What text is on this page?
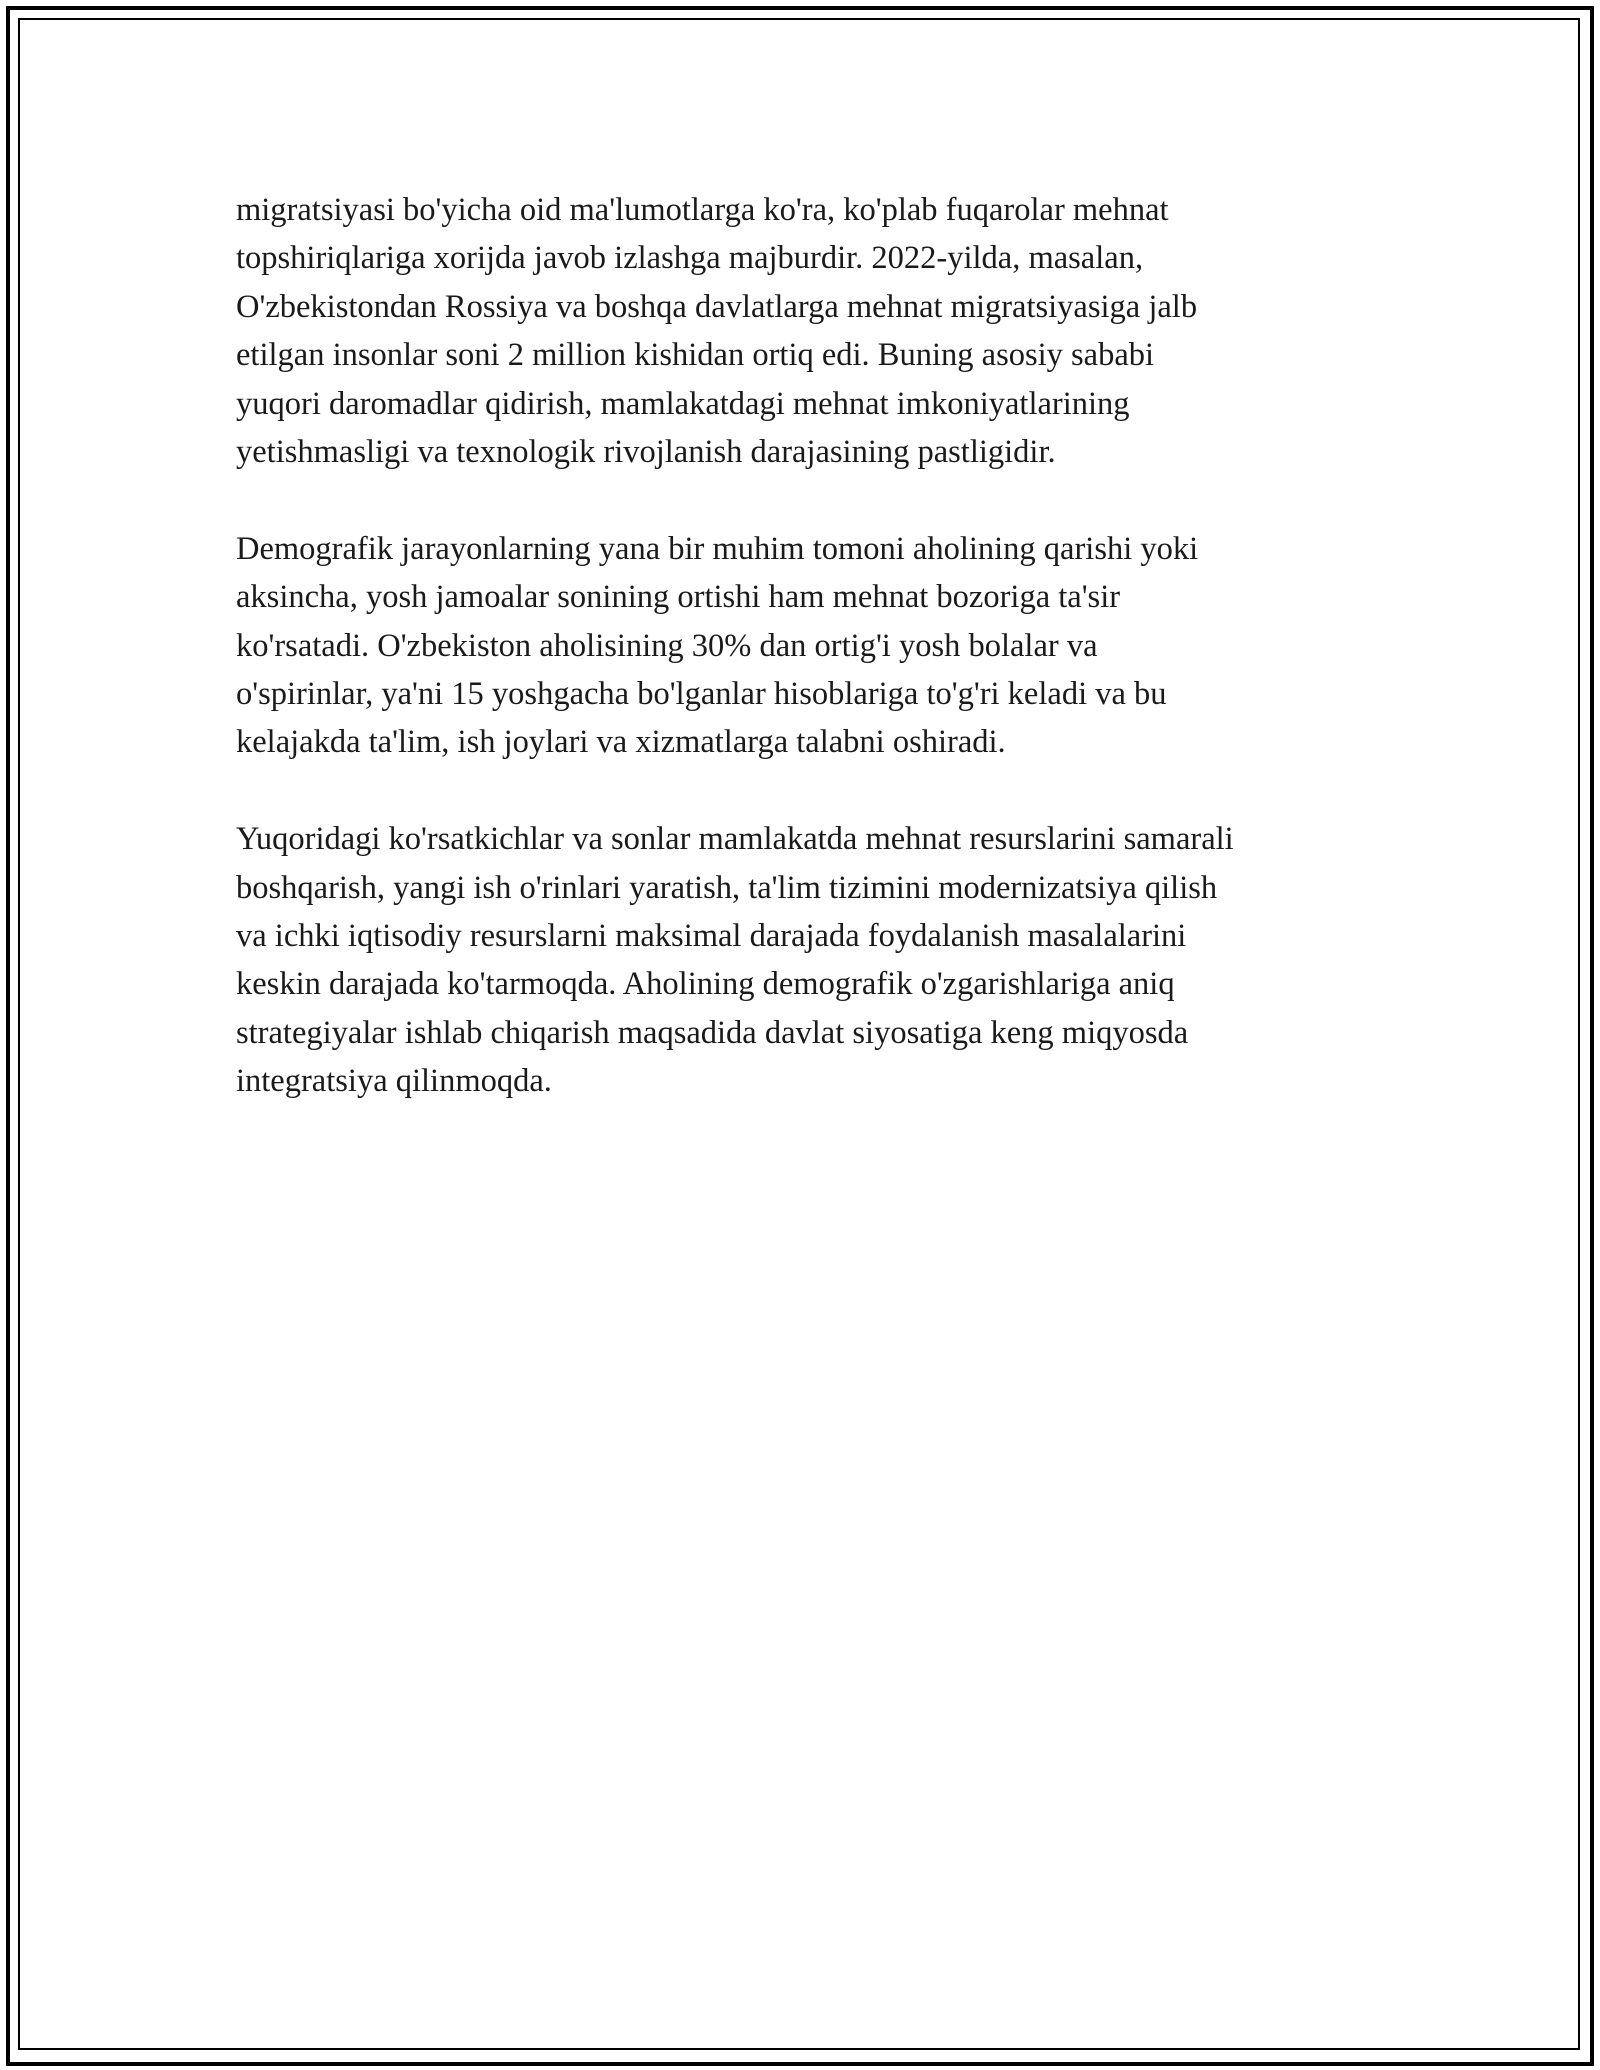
migratsiyasi bo'yicha oid ma'lumotlarga ko'ra, ko'plab fuqarolar mehnat
topshiriqlariga xorijda javob izlashga majburdir. 2022-yilda, masalan,
O'zbekistondan Rossiya va boshqa davlatlarga mehnat migratsiyasiga jalb
etilgan insonlar soni 2 million kishidan ortiq edi. Buning asosiy sababi
yuqori daromadlar qidirish, mamlakatdagi mehnat imkoniyatlarining
yetishmasligi va texnologik rivojlanish darajasining pastligidir.

Demografik jarayonlarning yana bir muhim tomoni aholining qarishi yoki
aksincha, yosh jamoalar sonining ortishi ham mehnat bozoriga ta'sir
ko'rsatadi. O'zbekiston aholisining 30% dan ortig'i yosh bolalar va
o'spirinlar, ya'ni 15 yoshgacha bo'lganlar hisoblariga to'g'ri keladi va bu
kelajakda ta'lim, ish joylari va xizmatlarga talabni oshiradi.

Yuqoridagi ko'rsatkichlar va sonlar mamlakatda mehnat resurslarini samarali
boshqarish, yangi ish o'rinlari yaratish, ta'lim tizimini modernizatsiya qilish
va ichki iqtisodiy resurslarni maksimal darajada foydalanish masalalarini
keskin darajada ko'tarmoqda. Aholining demografik o'zgarishlariga aniq
strategiyalar ishlab chiqarish maqsadida davlat siyosatiga keng miqyosda
integratsiya qilinmoqda.
